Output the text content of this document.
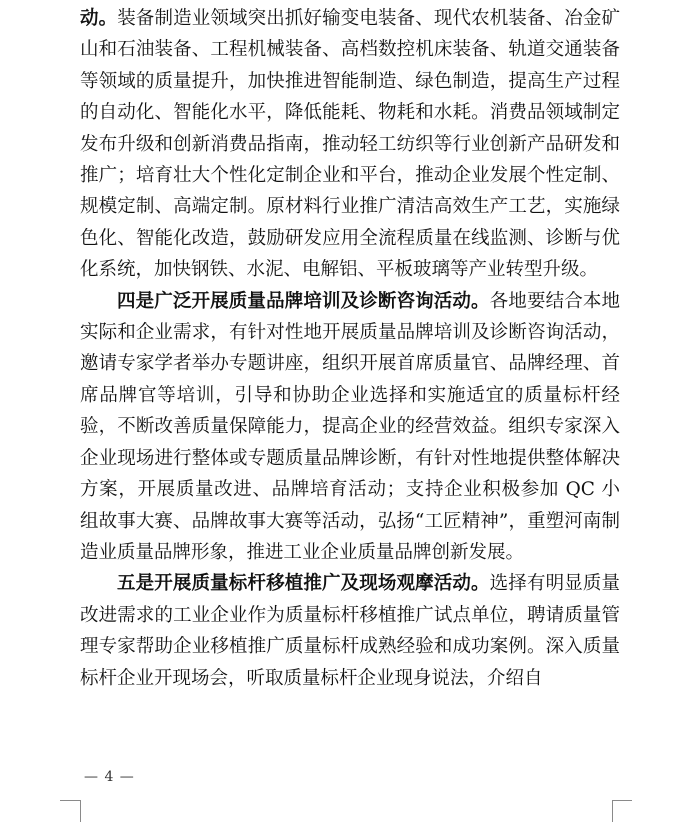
动。装备制造业领域突出抓好输变电装备、现代农机装备、冶金矿山和石油装备、工程机械装备、高档数控机床装备、轨道交通装备等领域的质量提升，加快推进智能制造、绿色制造，提高生产过程的自动化、智能化水平，降低能耗、物耗和水耗。消费品领域制定发布升级和创新消费品指南，推动轻工纺织等行业创新产品研发和推广；培育壮大个性化定制企业和平台，推动企业发展个性定制、规模定制、高端定制。原材料行业推广清洁高效生产工艺，实施绿色化、智能化改造，鼓励研发应用全流程质量在线监测、诊断与优化系统，加快钢铁、水泥、电解铝、平板玻璃等产业转型升级。

四是广泛开展质量品牌培训及诊断咨询活动。各地要结合本地实际和企业需求，有针对性地开展质量品牌培训及诊断咨询活动，邀请专家学者举办专题讲座，组织开展首席质量官、品牌经理、首席品牌官等培训，引导和协助企业选择和实施适宜的质量标杆经验，不断改善质量保障能力，提高企业的经营效益。组织专家深入企业现场进行整体或专题质量品牌诊断，有针对性地提供整体解决方案，开展质量改进、品牌培育活动；支持企业积极参加 QC 小组故事大赛、品牌故事大赛等活动，弘扬“工匠精神”，重塑河南制造业质量品牌形象，推进工业企业质量品牌创新发展。

五是开展质量标杆移植推广及现场观摩活动。选择有明显质量改进需求的工业企业作为质量标杆移植推广试点单位，聘请质量管理专家帮助企业移植推广质量标杆成熟经验和成功案例。深入质量标杆企业开现场会，听取质量标杆企业现身说法，介绍自

— 4 —
